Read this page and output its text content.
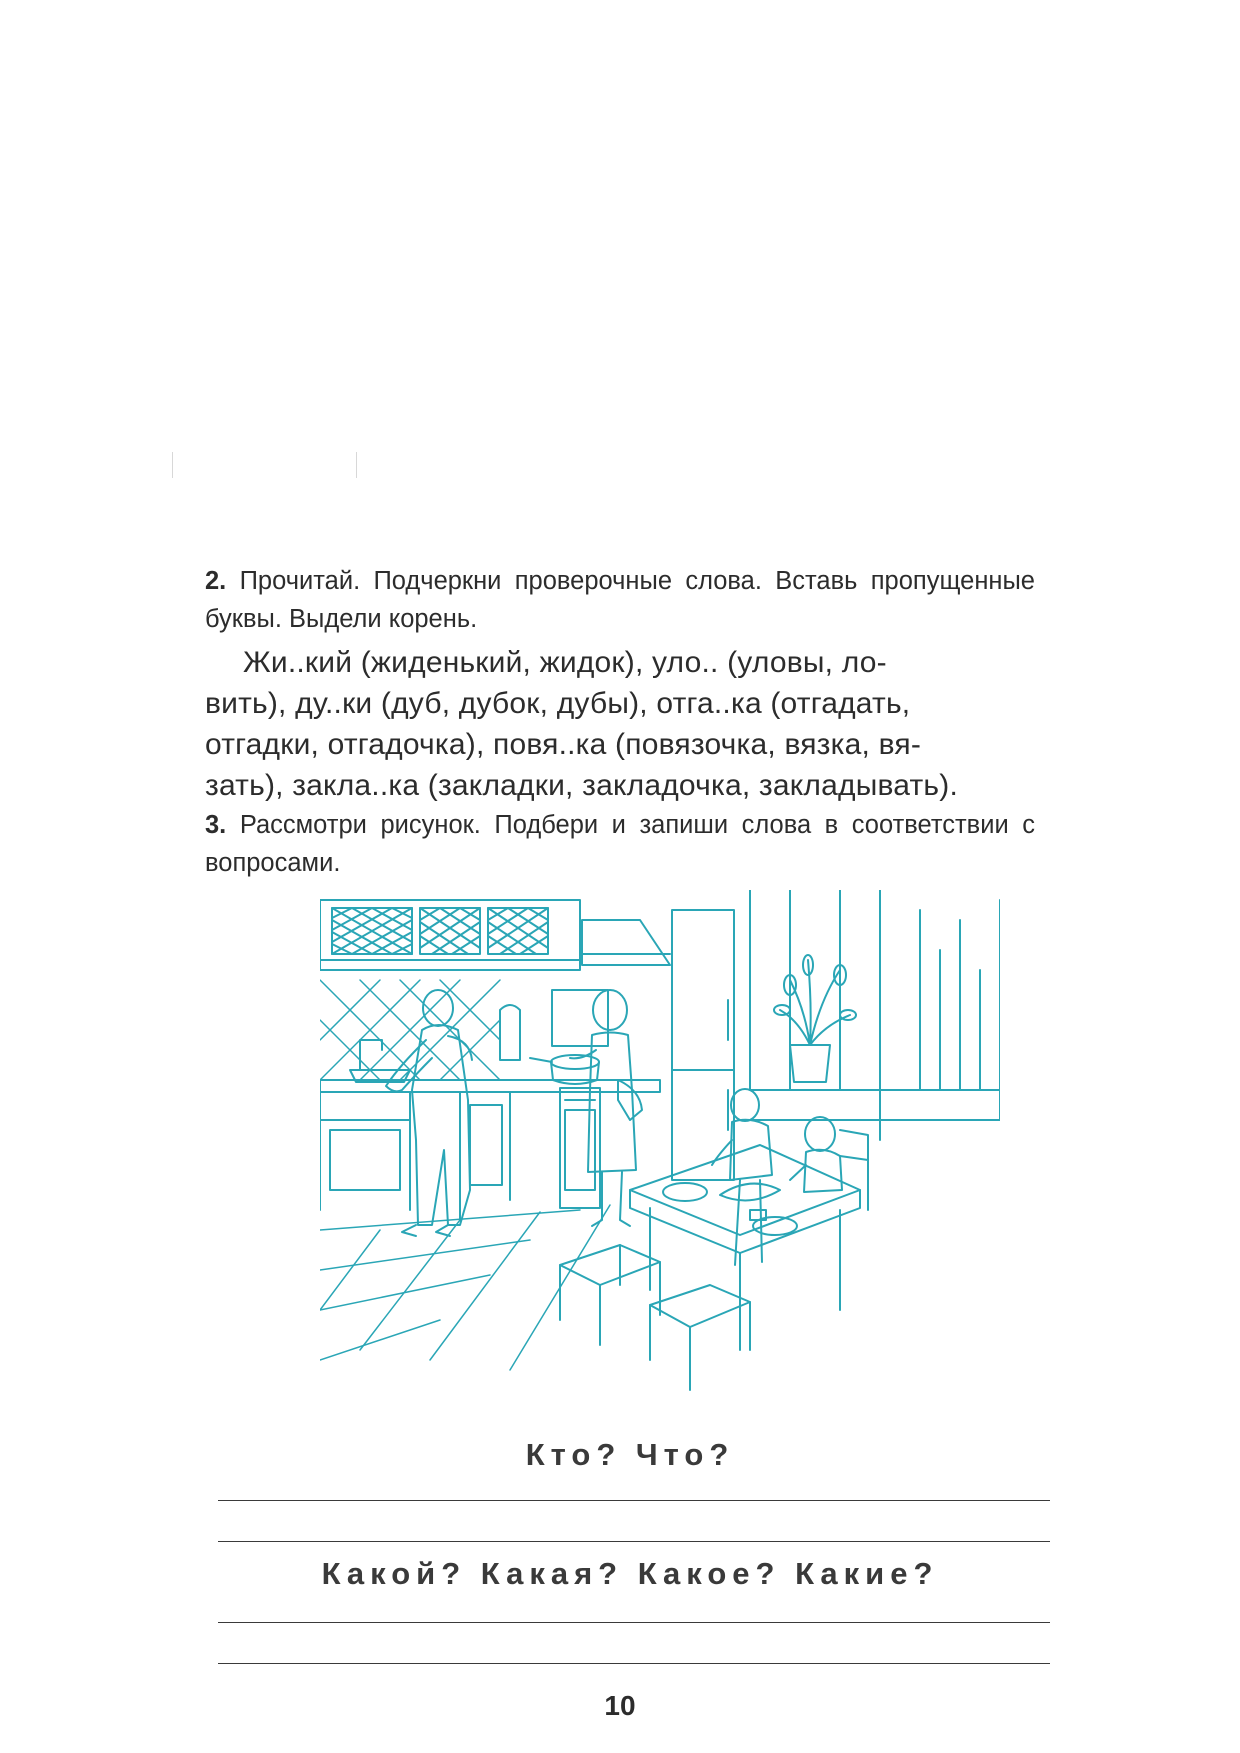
2. Прочитай. Подчеркни проверочные слова. Вставь пропущенные буквы. Выдели корень.

Жи..кий (жиденький, жидок), уло.. (уловы, ло-

вить), ду..ки (дуб, дубок, дубы), отга..ка (отгадать,

отгадки, отгадочка), повя..ка (повязочка, вязка, вя-

зать), закла..ка (закладки, закладочка, закладывать).

3. Рассмотри рисунок. Подбери и запиши слова в соответствии с вопросами.

Кто? Что?
Какой? Какая? Какое? Какие?
10
